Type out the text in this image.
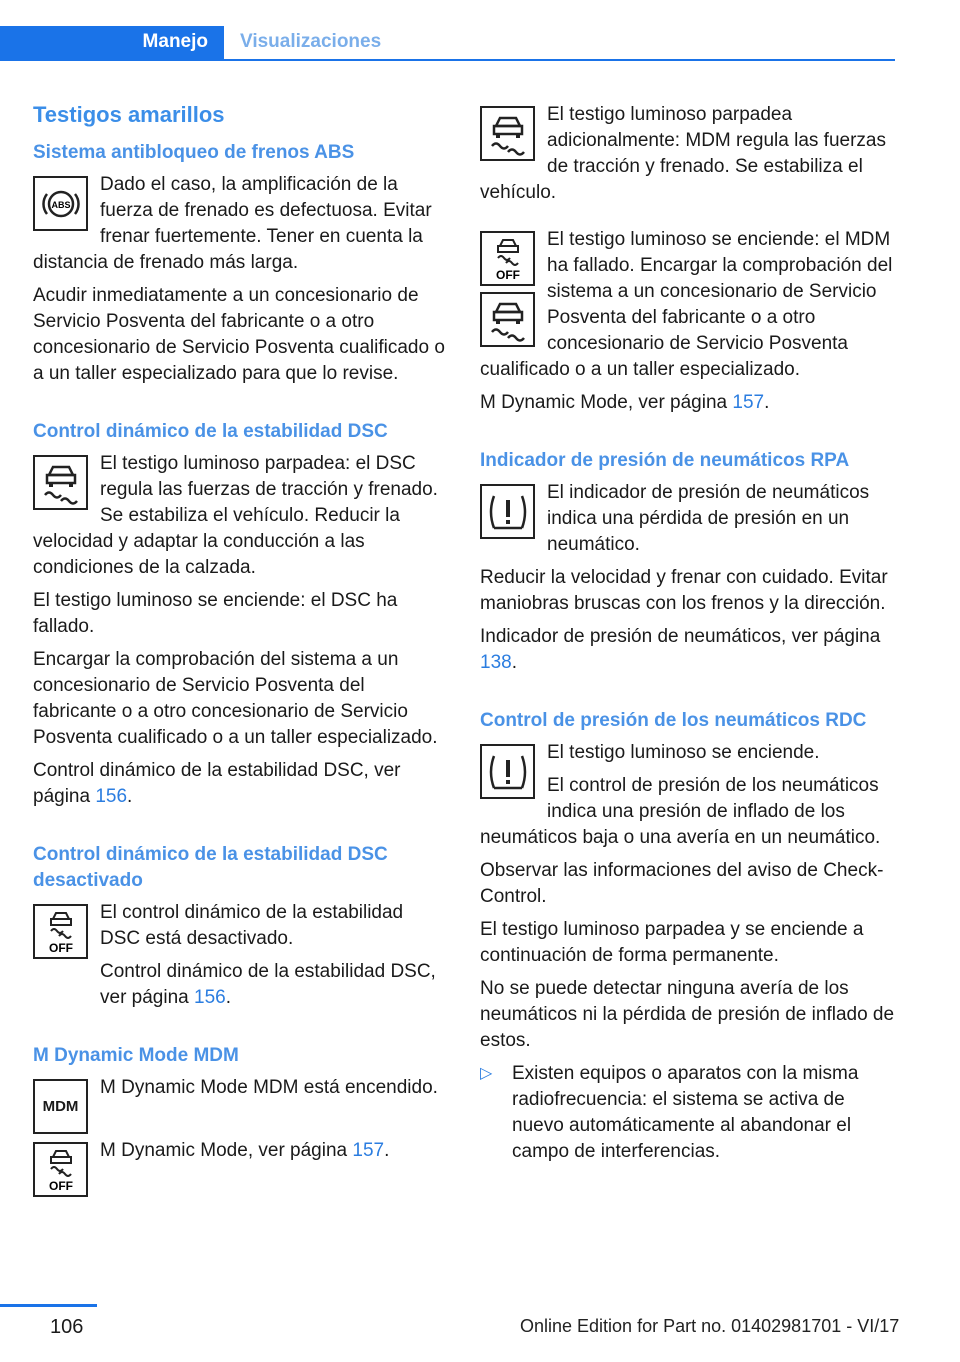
Manejo Visualizaciones
Testigos amarillos
Sistema antibloqueo de frenos ABS
ABS

Dado el caso, la amplificación de la fuerza de frenado es defectuosa. Evitar frenar fuertemente. Tener en cuenta la distancia de frenado más larga.

Acudir inmediatamente a un concesionario de Servicio Posventa del fabricante o a otro concesionario de Servicio Posventa cualificado o a un taller especializado para que lo revise.

Control dinámico de la estabilidad DSC

El testigo luminoso parpadea: el DSC regula las fuerzas de tracción y frenado. Se estabiliza el vehículo. Reducir la velocidad y adaptar la conducción a las condiciones de la calzada.

El testigo luminoso se enciende: el DSC ha fallado.

Encargar la comprobación del sistema a un concesionario de Servicio Posventa del fabricante o a otro concesionario de Servicio Posventa cualificado o a un taller especializado.

Control dinámico de la estabilidad DSC, ver página 156.

Control dinámico de la estabilidad DSC desactivado
OFF

El control dinámico de la estabilidad DSC está desactivado.

Control dinámico de la estabilidad DSC, ver página 156.

M Dynamic Mode MDM
MDM

M Dynamic Mode MDM está encendido.

OFF

M Dynamic Mode, ver página 157.

El testigo luminoso parpadea adicionalmente: MDM regula las fuerzas de tracción y frenado. Se estabiliza el vehículo.

OFF

El testigo luminoso se enciende: el MDM ha fallado. Encargar la comprobación del sistema a un concesionario de Servicio Posventa del fabricante o a otro concesionario de Servicio Posventa cualificado o a un taller especializado.

M Dynamic Mode, ver página 157.

Indicador de presión de neumáticos RPA

El indicador de presión de neumáticos indica una pérdida de presión en un neumático.

Reducir la velocidad y frenar con cuidado. Evitar maniobras bruscas con los frenos y la dirección.

Indicador de presión de neumáticos, ver página 138.

Control de presión de los neumáticos RDC

El testigo luminoso se enciende.

El control de presión de los neumáticos indica una presión de inflado de los neumáticos baja o una avería en un neumático.

Observar las informaciones del aviso de Check-Control.

El testigo luminoso parpadea y se enciende a continuación de forma permanente.

No se puede detectar ninguna avería de los neumáticos ni la pérdida de presión de inflado de estos.

▷ Existen equipos o aparatos con la misma radiofrecuencia: el sistema se activa de nuevo automáticamente al abandonar el campo de interferencias.
106	Online Edition for Part no. 01402981701 - VI/17
